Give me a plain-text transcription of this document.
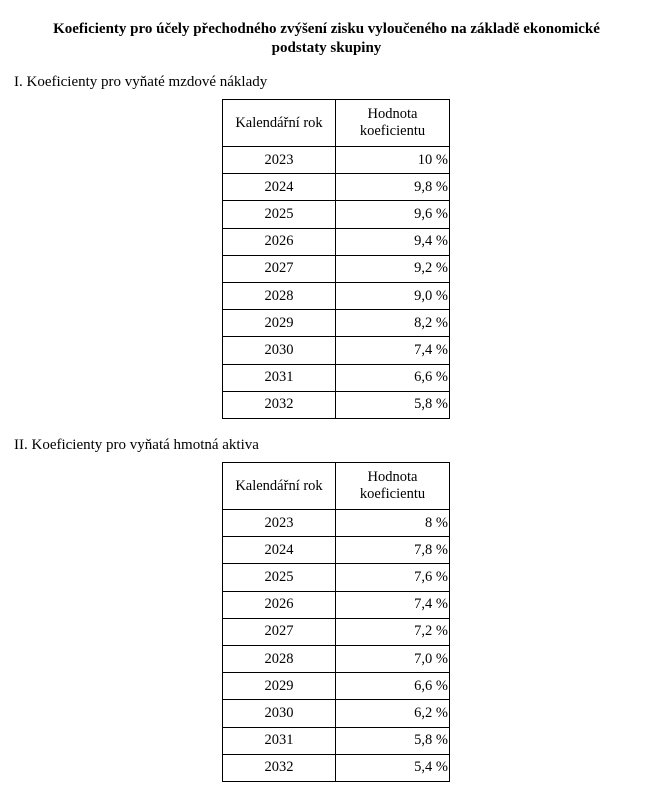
Koeficienty pro účely přechodného zvýšení zisku vyloučeného na základě ekonomické
podstaty skupiny

I. Koeficienty pro vyňaté mzdové náklady

Kalendářní rok	Hodnota
koeficientu

2023	10 %
2024	9,8 %
2025	9,6 %
2026	9,4 %
2027	9,2 %
2028	9,0 %
2029	8,2 %
2030	7,4 %
2031	6,6 %
2032	5,8 %

II. Koeficienty pro vyňatá hmotná aktiva

Kalendářní rok	Hodnota
koeficientu

2023	8 %
2024	7,8 %
2025	7,6 %
2026	7,4 %
2027	7,2 %
2028	7,0 %
2029	6,6 %
2030	6,2 %
2031	5,8 %
2032	5,4 %
